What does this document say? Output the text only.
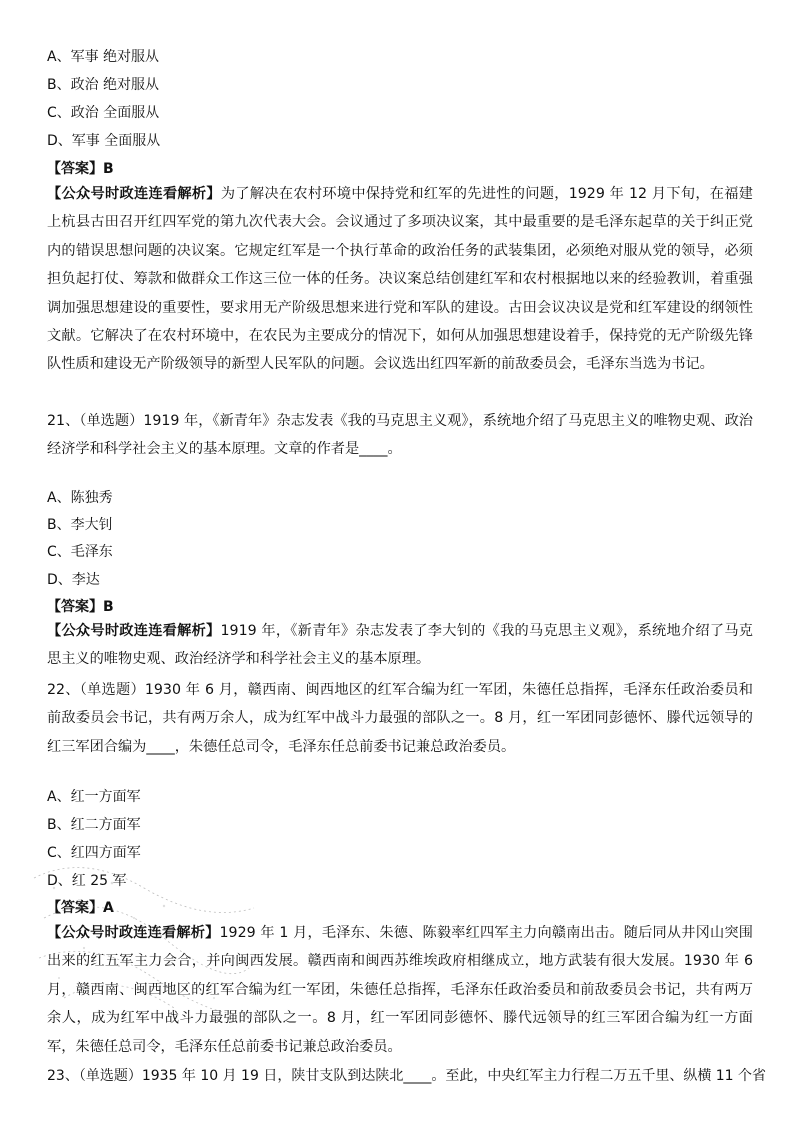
A、军事 绝对服从
B、政治 绝对服从
C、政治 全面服从
D、军事 全面服从
【答案】B
【公众号时政连连看解析】为了解决在农村环境中保持党和红军的先进性的问题，1929 年 12 月下旬，在福建上杭县古田召开红四军党的第九次代表大会。会议通过了多项决议案，其中最重要的是毛泽东起草的关于纠正党内的错误思想问题的决议案。它规定红军是一个执行革命的政治任务的武装集团，必须绝对服从党的领导，必须担负起打仗、筹款和做群众工作这三位一体的任务。决议案总结创建红军和农村根据地以来的经验教训，着重强调加强思想建设的重要性，要求用无产阶级思想来进行党和军队的建设。古田会议决议是党和红军建设的纲领性文献。它解决了在农村环境中，在农民为主要成分的情况下，如何从加强思想建设着手，保持党的无产阶级先锋队性质和建设无产阶级领导的新型人民军队的问题。会议选出红四军新的前敌委员会，毛泽东当选为书记。
21、（单选题）1919 年，《新青年》杂志发表《我的马克思主义观》，系统地介绍了马克思主义的唯物史观、政治经济学和科学社会主义的基本原理。文章的作者是____。
A、陈独秀
B、李大钊
C、毛泽东
D、李达
【答案】B
【公众号时政连连看解析】1919 年，《新青年》杂志发表了李大钊的《我的马克思主义观》，系统地介绍了马克思主义的唯物史观、政治经济学和科学社会主义的基本原理。
22、（单选题）1930 年 6 月，赣西南、闽西地区的红军合编为红一军团，朱德任总指挥，毛泽东任政治委员和前敌委员会书记，共有两万余人，成为红军中战斗力最强的部队之一。8 月，红一军团同彭德怀、滕代远领导的红三军团合编为____，朱德任总司令，毛泽东任总前委书记兼总政治委员。
A、红一方面军
B、红二方面军
C、红四方面军
D、红 25 军
【答案】A
【公众号时政连连看解析】1929 年 1 月，毛泽东、朱德、陈毅率红四军主力向赣南出击。随后同从井冈山突围出来的红五军主力会合，并向闽西发展。赣西南和闽西苏维埃政府相继成立，地方武装有很大发展。1930 年 6 月，赣西南、闽西地区的红军合编为红一军团，朱德任总指挥，毛泽东任政治委员和前敌委员会书记，共有两万余人，成为红军中战斗力最强的部队之一。8 月，红一军团同彭德怀、滕代远领导的红三军团合编为红一方面军，朱德任总司令，毛泽东任总前委书记兼总政治委员。
23、（单选题）1935 年 10 月 19 日，陕甘支队到达陕北____。至此，中央红军主力行程二万五千里、纵横 11 个省
